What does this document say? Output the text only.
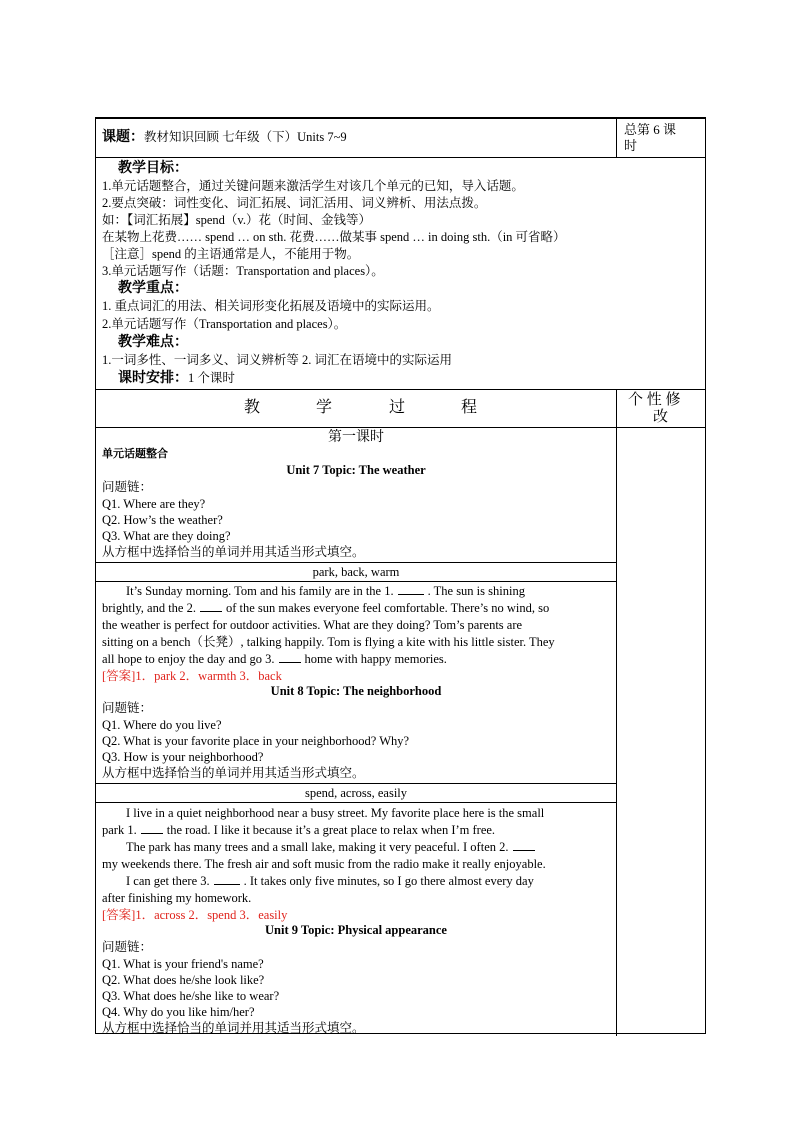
课题：教材知识回顾 七年级（下）Units 7~9	总第 6 课
时
教学目标：
1.单元话题整合，通过关键问题来激活学生对该几个单元的已知，导入话题。
2.要点突破：词性变化、词汇拓展、词汇活用、词义辨析、用法点拨。
如：【词汇拓展】spend（v.）花（时间、金钱等）
在某物上花费…… spend … on sth. 花费……做某事 spend … in doing sth.（in 可省略）
［注意］spend 的主语通常是人，不能用于物。
3.单元话题写作（话题：Transportation and places）。
教学重点：
1. 重点词汇的用法、相关词形变化拓展及语境中的实际运用。
2.单元话题写作（Transportation and places）。
教学难点：
1.一词多性、一词多义、词义辨析等 2. 词汇在语境中的实际运用
课时安排：1 个课时
教	学	过	程	个 性 修
改
第一课时
单元话题整合
Unit 7 Topic: The weather
问题链：
Q1. Where are they?
Q2. How’s the weather?
Q3. What are they doing?
从方框中选择恰当的单词并用其适当形式填空。
park, back, warm
It’s Sunday morning. Tom and his family are in the 1.	. The sun is shining
brightly, and the 2. of the sun makes everyone feel comfortable. There’s no wind, so
the weather is perfect for outdoor activities. What are they doing? Tom’s parents are
sitting on a bench（长凳）, talking happily. Tom is flying a kite with his little sister. They
all hope to enjoy the day and go 3. home with happy memories.
[答案]1．park 2．warmth 3．back
Unit 8 Topic: The neighborhood
问题链：
Q1. Where do you live?
Q2. What is your favorite place in your neighborhood? Why?
Q3. How is your neighborhood?
从方框中选择恰当的单词并用其适当形式填空。
spend, across, easily
I live in a quiet neighborhood near a busy street. My favorite place here is the small
park 1. the road. I like it because it’s a great place to relax when I’m free.
The park has many trees and a small lake, making it very peaceful. I often 2.
my weekends there. The fresh air and soft music from the radio make it really enjoyable.
I can get there 3.	. It takes only five minutes, so I go there almost every day
after finishing my homework.
[答案]1．across 2．spend 3．easily
Unit 9 Topic: Physical appearance
问题链：
Q1. What is your friend's name?
Q2. What does he/she look like?
Q3. What does he/she like to wear?
Q4. Why do you like him/her?
从方框中选择恰当的单词并用其适当形式填空。
